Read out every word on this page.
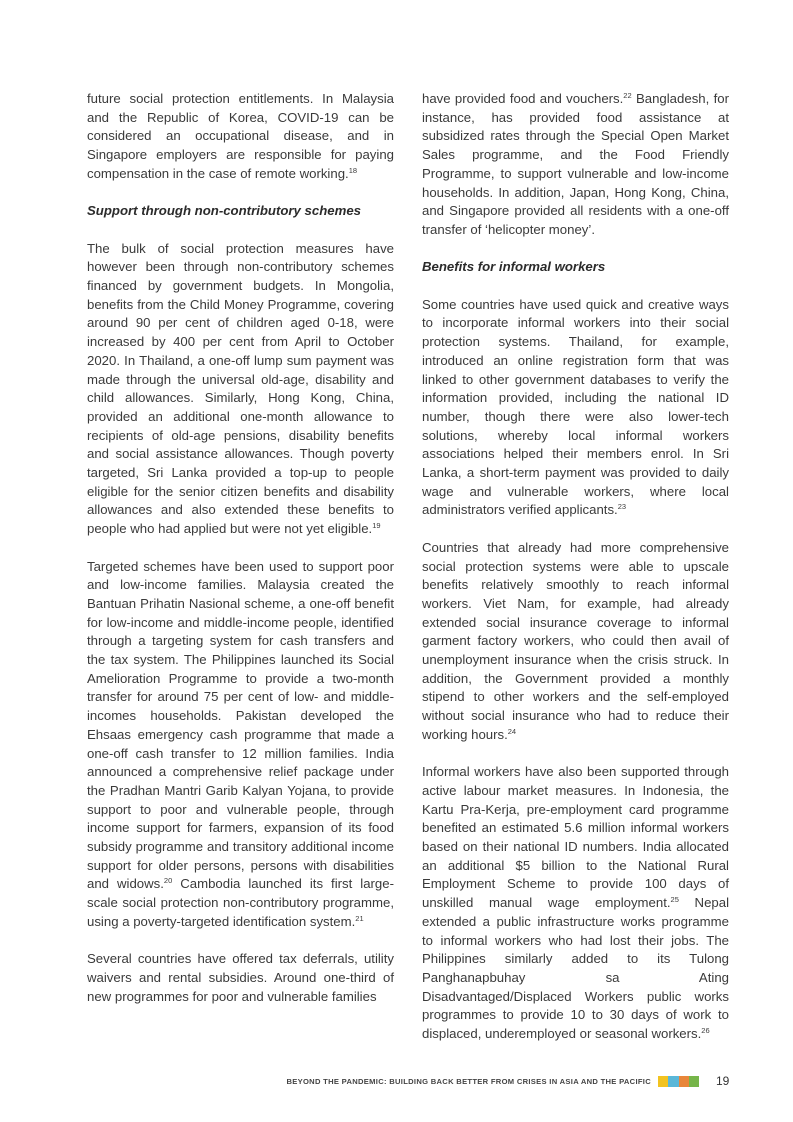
future social protection entitlements. In Malaysia and the Republic of Korea, COVID-19 can be considered an occupational disease, and in Singapore employers are responsible for paying compensation in the case of remote working.$^{18}$

Support through non-contributory schemes

The bulk of social protection measures have however been through non-contributory schemes financed by government budgets. In Mongolia, benefits from the Child Money Programme, covering around 90 per cent of children aged 0-18, were increased by 400 per cent from April to October 2020. In Thailand, a one-off lump sum payment was made through the universal old-age, disability and child allowances. Similarly, Hong Kong, China, provided an additional one-month allowance to recipients of old-age pensions, disability benefits and social assistance allowances. Though poverty targeted, Sri Lanka provided a top-up to people eligible for the senior citizen benefits and disability allowances and also extended these benefits to people who had applied but were not yet eligible.$^{19}$

Targeted schemes have been used to support poor and low-income families. Malaysia created the Bantuan Prihatin Nasional scheme, a one-off benefit for low-income and middle-income people, identified through a targeting system for cash transfers and the tax system. The Philippines launched its Social Amelioration Programme to provide a two-month transfer for around 75 per cent of low- and middle-incomes households. Pakistan developed the Ehsaas emergency cash programme that made a one-off cash transfer to 12 million families. India announced a comprehensive relief package under the Pradhan Mantri Garib Kalyan Yojana, to provide support to poor and vulnerable people, through income support for farmers, expansion of its food subsidy programme and transitory additional income support for older persons, persons with disabilities and widows.$^{20}$ Cambodia launched its first large-scale social protection non-contributory programme, using a poverty-targeted identification system.$^{21}$

Several countries have offered tax deferrals, utility waivers and rental subsidies. Around one-third of new programmes for poor and vulnerable families

have provided food and vouchers.$^{22}$ Bangladesh, for instance, has provided food assistance at subsidized rates through the Special Open Market Sales programme, and the Food Friendly Programme, to support vulnerable and low-income households. In addition, Japan, Hong Kong, China, and Singapore provided all residents with a one-off transfer of ‘helicopter money’.

Benefits for informal workers

Some countries have used quick and creative ways to incorporate informal workers into their social protection systems. Thailand, for example, introduced an online registration form that was linked to other government databases to verify the information provided, including the national ID number, though there were also lower-tech solutions, whereby local informal workers associations helped their members enrol. In Sri Lanka, a short-term payment was provided to daily wage and vulnerable workers, where local administrators verified applicants.$^{23}$

Countries that already had more comprehensive social protection systems were able to upscale benefits relatively smoothly to reach informal workers. Viet Nam, for example, had already extended social insurance coverage to informal garment factory workers, who could then avail of unemployment insurance when the crisis struck. In addition, the Government provided a monthly stipend to other workers and the self-employed without social insurance who had to reduce their working hours.$^{24}$

Informal workers have also been supported through active labour market measures. In Indonesia, the Kartu Pra-Kerja, pre-employment card programme benefited an estimated 5.6 million informal workers based on their national ID numbers. India allocated an additional $5 billion to the National Rural Employment Scheme to provide 100 days of unskilled manual wage employment.$^{25}$ Nepal extended a public infrastructure works programme to informal workers who had lost their jobs. The Philippines similarly added to its Tulong Panghanapbuhay sa Ating Disadvantaged/Displaced Workers public works programmes to provide 10 to 30 days of work to displaced, underemployed or seasonal workers.$^{26}$

BEYOND THE PANDEMIC: BUILDING BACK BETTER FROM CRISES IN ASIA AND THE PACIFIC	19
